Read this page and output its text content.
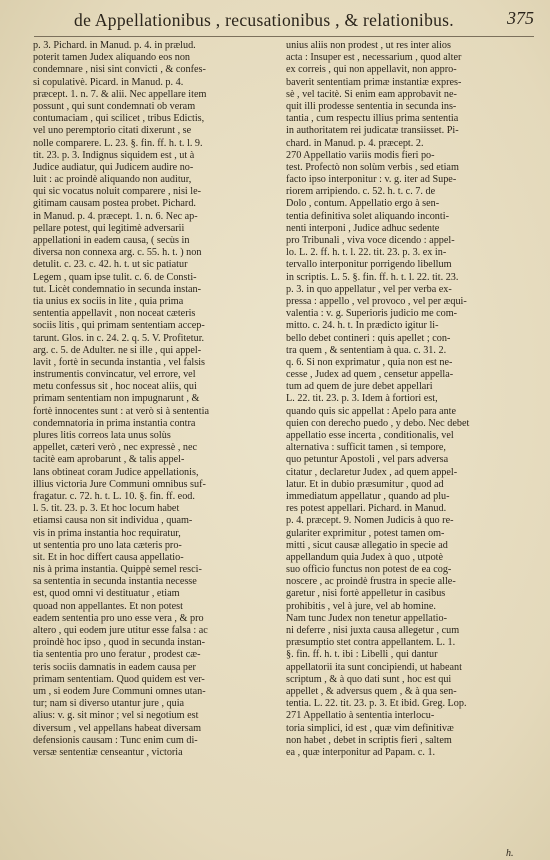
de Appellationibus , recusationibus , & relationibus.	375
p. 3. Pichard. in Manud. p. 4. in prælud.
poterit tamen Judex aliquando eos non
condemnare , nisi sint convicti , & confes-
si copulativè. Picard. in Manud. p. 4.
præcept. 1. n. 7. & alii. Nec appellare item
possunt , qui sunt condemnati ob veram
contumaciam , qui scilicet , tribus Edictis,
vel uno peremptorio citati dixerunt , se
nolle comparere. L. 23. §. fin. ff. h. t. l. 9.
tit. 23. p. 3. Indignus siquidem est , ut à
Judice audiatur, qui Judicem audire no-
luit : ac proindè aliquando non auditur,
qui sic vocatus noluit comparere , nisi le-
gitimam causam postea probet. Pichard.
in Manud. p. 4. præcept. 1. n. 6. Nec ap-
pellare potest, qui legitimè adversarii
appellationi in eadem causa, ( secùs in
diversa non connexa arg. c. 55. h. t. ) non
detulit. c. 23. c. 42. h. t. ut sic patiatur
Legem , quam ipse tulit. c. 6. de Consti-
tut. Licèt condemnatio in secunda instan-
tia unius ex sociis in lite , quia prima
sententia appellavit , non noceat cæteris
sociis litis , qui primam sententiam accep-
tarunt. Glos. in c. 24. 2. q. 5. V. Profitetur.
arg. c. 5. de Adulter. ne si ille , qui appel-
lavit , fortè in secunda instantia , vel falsis
instrumentis convincatur, vel errore, vel
metu confessus sit , hoc noceat aliis, qui
primam sententiam non impugnarunt , &
fortè innocentes sunt : at verò si à sententia
condemnatoria in prima instantia contra
plures litis correos lata unus solùs
appellet, cæteri verò , nec expressè , nec
tacitè eam aprobarunt , & talis appel-
lans obtineat coram Judice appellationis,
illius victoria Jure Communi omnibus suf-
fragatur. c. 72. h. t. L. 10. §. fin. ff. eod.
l. 5. tit. 23. p. 3. Et hoc locum habet
etiamsi causa non sit individua , quam-
vis in prima instantia hoc requiratur,
ut sententia pro uno lata cæteris pro-
sit. Et in hoc differt causa appellatio-
nis à prima instantia. Quippè semel resci-
sa sententia in secunda instantia necesse
est, quod omni vi destituatur , etiam
quoad non appellantes. Et non potest
eadem sententia pro uno esse vera , & pro
altero , qui eodem jure utitur esse falsa : ac
proindè hoc ipso , quod in secunda instan-
tia sententia pro uno feratur , prodest cæ-
teris sociis damnatis in eadem causa per
primam sententiam. Quod quidem est ver-
um , si eodem Jure Communi omnes utan-
tur; nam si diverso utantur jure , quia
alius: v. g. sit minor ; vel si negotium est
diversum , vel appellans habeat diversam
defensionis causam : Tunc enim cum di-
versæ sententiæ censeantur , victoria
unius aliis non prodest , ut res inter alios
acta : Insuper est , necessarium , quod alter
ex correis , qui non appellavit, non appro-
baverit sententiam primæ instantiæ expres-
sè , vel tacitè. Si enim eam approbavit ne-
quit illi prodesse sententia in secunda ins-
tantia , cum respectu illius prima sententia
in authoritatem rei judicatæ transiisset. Pi-
chard. in Manud. p. 4. præcept. 2.
270 Appellatio variis modis fieri po-
test. Profectò non solùm verbis , sed etiam
facto ipso interponitur : v. g. iter ad Supe-
riorem arripiendo. c. 52. h. t. c. 7. de
Dolo , contum. Appellatio ergo à sen-
tentia definitiva solet aliquando inconti-
nenti interponi , Judice adhuc sedente
pro Tribunali , viva voce dicendo : appel-
lo. L. 2. ff. h. t. l. 22. tit. 23. p. 3. ex in-
tervallo interponitur porrigendo libellum
in scriptis. L. 5. §. fin. ff. h. t. l. 22. tit. 23.
p. 3. in quo appellatur , vel per verba ex-
pressa : appello , vel provoco , vel per æqui-
valentia : v. g. Superioris judicio me com-
mitto. c. 24. h. t. In prædicto igitur li-
bello debet contineri : quis apellet ; con-
tra quem , & sententiam à qua. c. 31. 2.
q. 6. Si non exprimatur , quia non est ne-
cesse , Judex ad quem , censetur appella-
tum ad quem de jure debet appellari
L. 22. tit. 23. p. 3. Idem à fortiori est,
quando quis sic appellat : Apelo para ante
quien con derecho puedo , y debo. Nec debet
appellatio esse incerta , conditionalis, vel
alternativa : sufficit tamen , si tempore,
quo petuntur Apostoli , vel pars adversa
citatur , declaretur Judex , ad quem appel-
latur. Et in dubio præsumitur , quod ad
immediatum appellatur , quando ad plu-
res potest appellari. Pichard. in Manud.
p. 4. præcept. 9. Nomen Judicis à quo re-
gulariter exprimitur , potest tamen om-
mitti , sicut causæ allegatio in specie ad
appellandum quia Judex à quo , utpotè
suo officio functus non potest de ea cog-
noscere , ac proindè frustra in specie alle-
garetur , nisi fortè appelletur in casibus
prohibitis , vel à jure, vel ab homine.
Nam tunc Judex non tenetur appellatio-
ni deferre , nisi juxta causa allegetur , cum
præsumptio stet contra appellantem. L. 1.
§. fin. ff. h. t. ibi : Libelli , qui dantur
appellatorii ita sunt concipiendi, ut habeant
scriptum , & à quo dati sunt , hoc est qui
appellet , & adversus quem , & à qua sen-
tentia. L. 22. tit. 23. p. 3. Et ibid. Greg. Lop.
271 Appellatio à sententia interlocu-
toria simplici, id est , quæ vim definitivæ
non habet , debet in scriptis fieri , saltem
ea , quæ interponitur ad Papam. c. 1.
h.
